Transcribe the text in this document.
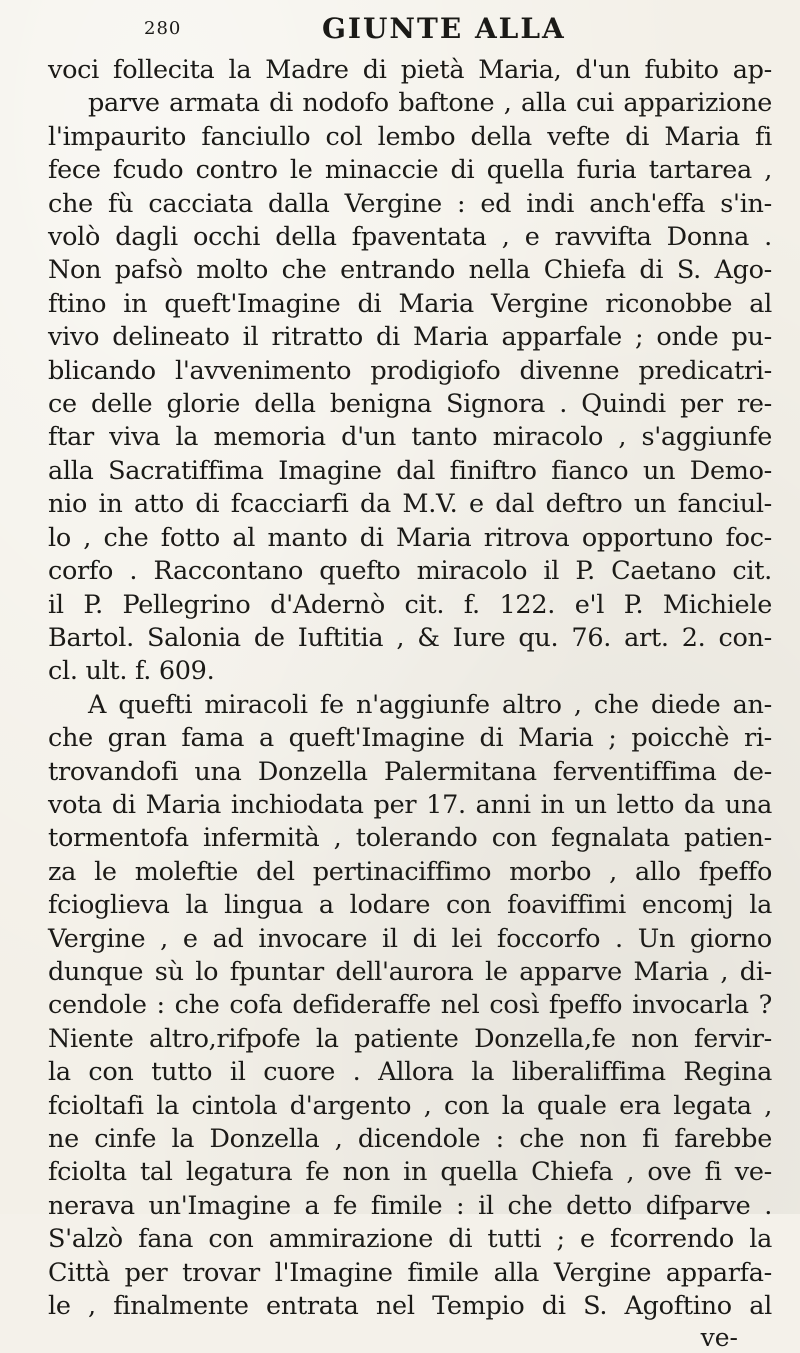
280	GIUNTE ALLA
voci follecita la Madre di pietà Maria, d'un fubito ap-
parve armata di nodofo baftone , alla cui apparizione
l'impaurito fanciullo col lembo della vefte di Maria fi
fece fcudo contro le minaccie di quella furia tartarea ,
che fù cacciata dalla Vergine : ed indi anch'effa s'in-
volò dagli occhi della fpaventata , e ravvifta Donna .
Non pafsò molto che entrando nella Chiefa di S. Ago-
ftino in queft'Imagine di Maria Vergine riconobbe al
vivo delineato il ritratto di Maria apparfale ; onde pu-
blicando l'avvenimento prodigiofo divenne predicatri-
ce delle glorie della benigna Signora . Quindi per re-
ftar viva la memoria d'un tanto miracolo , s'aggiunfe
alla Sacratiffima Imagine dal finiftro fianco un Demo-
nio in atto di fcacciarfi da M.V. e dal deftro un fanciul-
lo , che fotto al manto di Maria ritrova opportuno foc-
corfo . Raccontano quefto miracolo il P. Caetano cit.
il P. Pellegrino d'Adernò cit. f. 122. e'l P. Michiele
Bartol. Salonia de Iuftitia , & Iure qu. 76. art. 2. con-
cl. ult. f. 609.
A quefti miracoli fe n'aggiunfe altro , che diede an-
che gran fama a queft'Imagine di Maria ; poicchè ri-
trovandofi una Donzella Palermitana ferventiffima de-
vota di Maria inchiodata per 17. anni in un letto da una
tormentofa infermità , tolerando con fegnalata patien-
za le moleftie del pertinaciffimo morbo , allo fpeffo
fcioglieva la lingua a lodare con foaviffimi encomj la
Vergine , e ad invocare il di lei foccorfo . Un giorno
dunque sù lo fpuntar dell'aurora le apparve Maria , di-
cendole : che cofa defideraffe nel così fpeffo invocarla ?
Niente altro,rifpofe la patiente Donzella,fe non fervir-
la con tutto il cuore . Allora la liberaliffima Regina
fcioltafi la cintola d'argento , con la quale era legata ,
ne cinfe la Donzella , dicendole : che non fi farebbe
fciolta tal legatura fe non in quella Chiefa , ove fi ve-
nerava un'Imagine a fe fimile : il che detto difparve .
S'alzò fana con ammirazione di tutti ; e fcorrendo la
Città per trovar l'Imagine fimile alla Vergine apparfa-
le , finalmente entrata nel Tempio di S. Agoftino al
ve-
